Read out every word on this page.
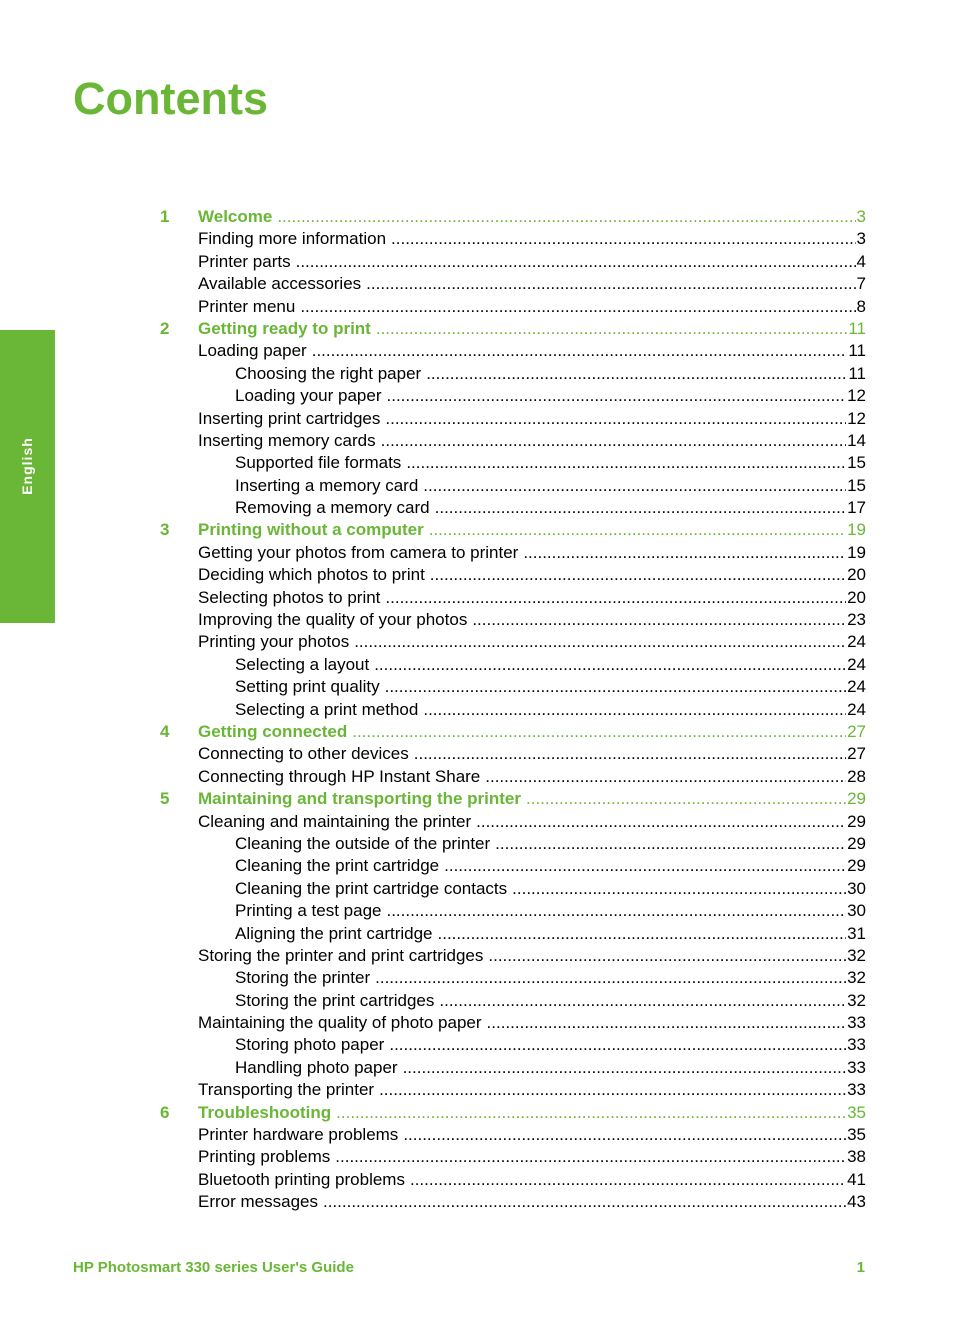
English
Contents
1 Welcome .....	3
Finding more information .....	3
Printer parts .....	4
Available accessories .....	7
Printer menu .....	8
2 Getting ready to print .....	11
Loading paper .....	11
Choosing the right paper .....	11
Loading your paper .....	12
Inserting print cartridges .....	12
Inserting memory cards .....	14
Supported file formats .....	15
Inserting a memory card .....	15
Removing a memory card .....	17
3 Printing without a computer .....	19
Getting your photos from camera to printer .....	19
Deciding which photos to print .....	20
Selecting photos to print .....	20
Improving the quality of your photos .....	23
Printing your photos .....	24
Selecting a layout .....	24
Setting print quality .....	24
Selecting a print method .....	24
4 Getting connected .....	27
Connecting to other devices .....	27
Connecting through HP Instant Share .....	28
5 Maintaining and transporting the printer .....	29
Cleaning and maintaining the printer .....	29
Cleaning the outside of the printer .....	29
Cleaning the print cartridge .....	29
Cleaning the print cartridge contacts .....	30
Printing a test page .....	30
Aligning the print cartridge .....	31
Storing the printer and print cartridges .....	32
Storing the printer .....	32
Storing the print cartridges .....	32
Maintaining the quality of photo paper .....	33
Storing photo paper .....	33
Handling photo paper .....	33
Transporting the printer .....	33
6 Troubleshooting .....	35
Printer hardware problems .....	35
Printing problems .....	38
Bluetooth printing problems .....	41
Error messages .....	43
HP Photosmart 330 series User's Guide	1
